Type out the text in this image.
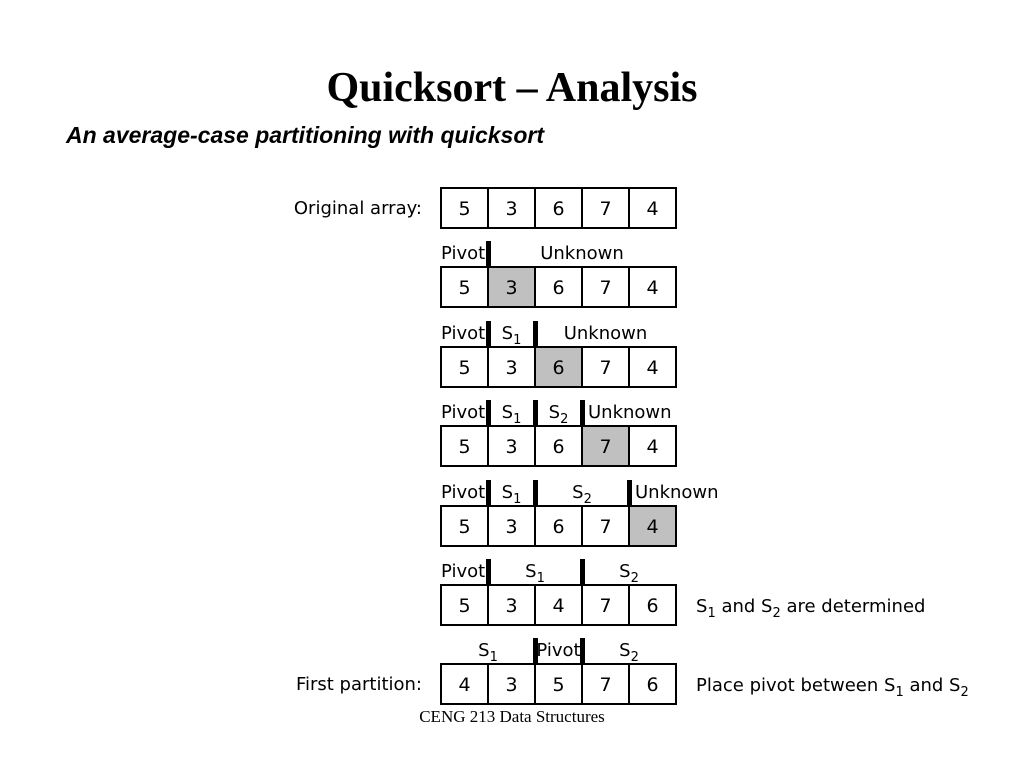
Quicksort – Analysis
An average-case partitioning with quicksort
5 3 6 7 4
Original array:
5 3 6 7 4
Pivot	Unknown
5 3 6 7 4
Pivot S1 Unknown
5 3 6 7 4
Pivot S1 S2 Unknown
5 3 6 7 4
Pivot S1	S2 Unknown
5 3 4 7 6
Pivot S1	S2
S1 and S2 are determined
4 3 5 7 6
First partition:
S1 Pivot S2
Place pivot between S1 and S2
CENG 213 Data Structures
